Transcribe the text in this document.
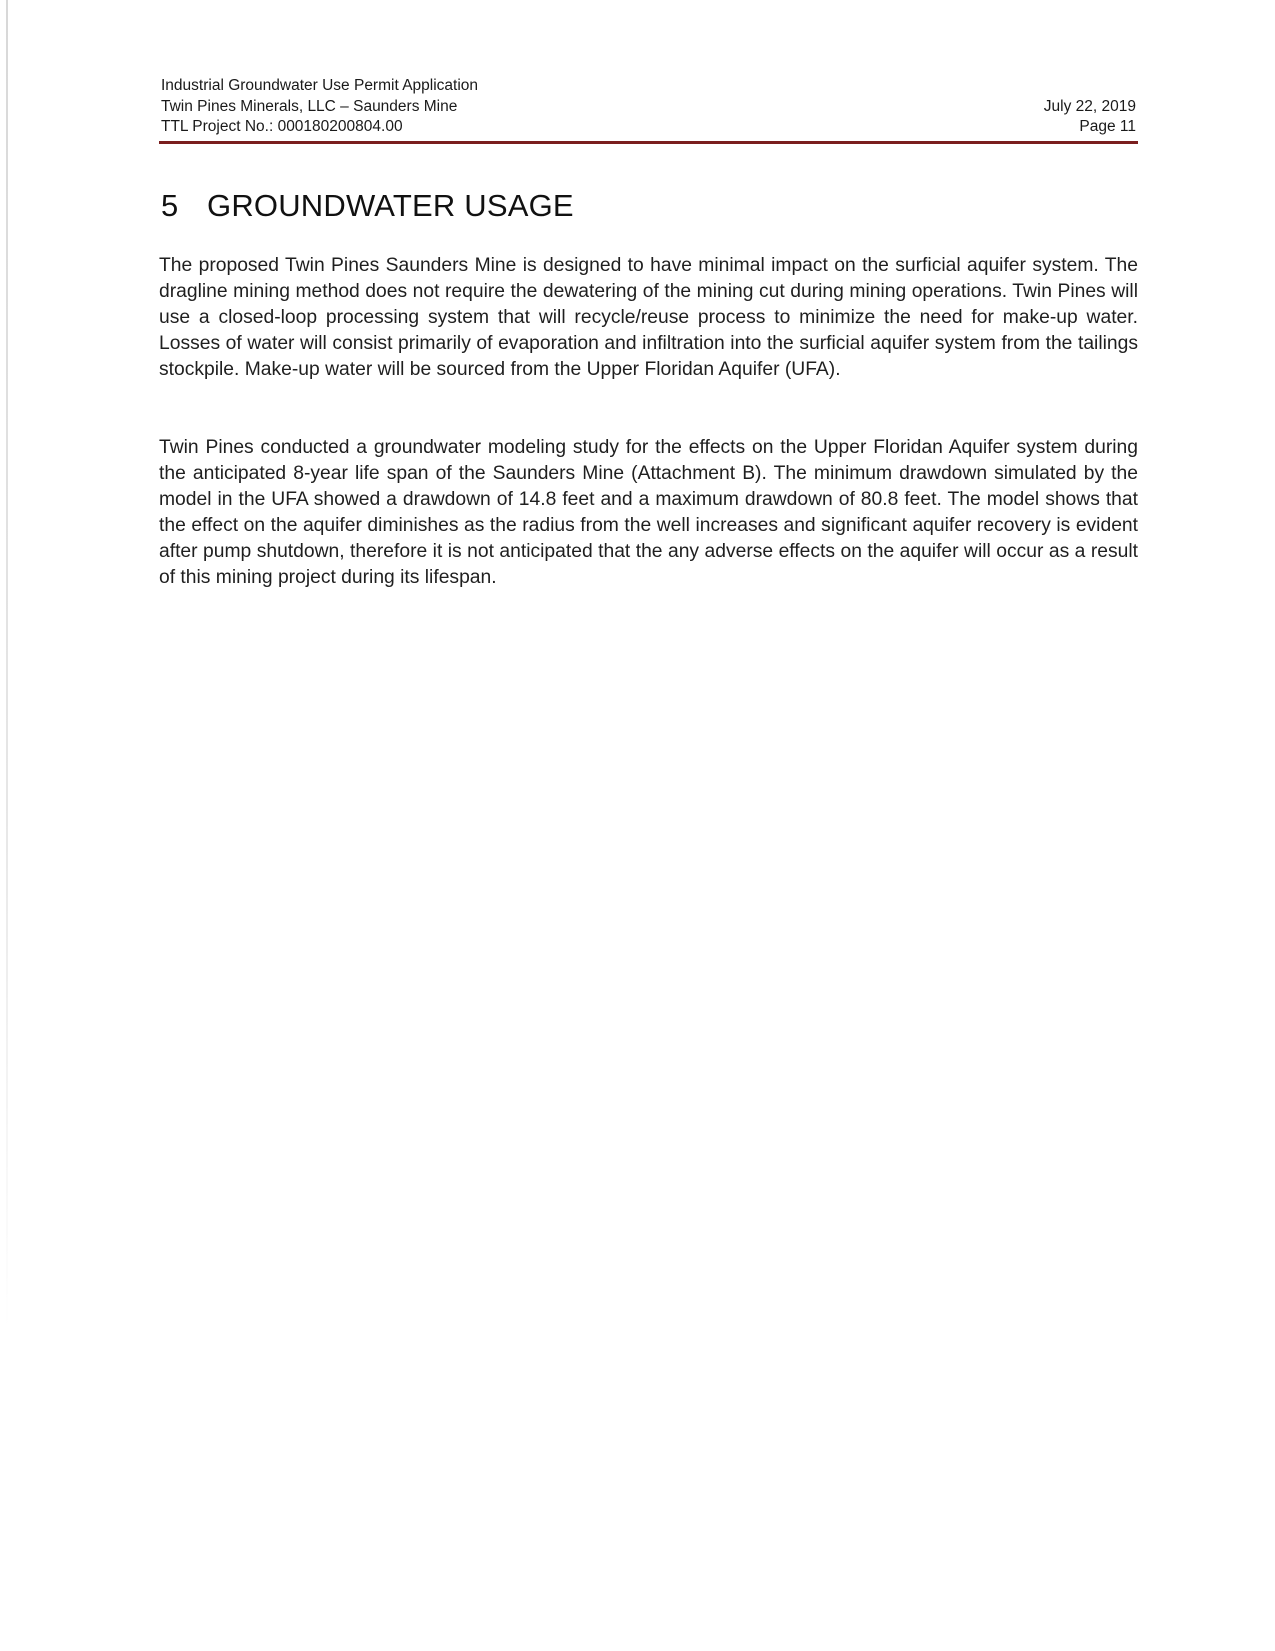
Industrial Groundwater Use Permit Application
Twin Pines Minerals, LLC – Saunders Mine
TTL Project No.: 000180200804.00
July 22, 2019
Page 11
5 GROUNDWATER USAGE

The proposed Twin Pines Saunders Mine is designed to have minimal impact on the surficial aquifer system. The dragline mining method does not require the dewatering of the mining cut during mining operations. Twin Pines will use a closed-loop processing system that will recycle/reuse process to minimize the need for make-up water. Losses of water will consist primarily of evaporation and infiltration into the surficial aquifer system from the tailings stockpile. Make-up water will be sourced from the Upper Floridan Aquifer (UFA).

Twin Pines conducted a groundwater modeling study for the effects on the Upper Floridan Aquifer system during the anticipated 8-year life span of the Saunders Mine (Attachment B). The minimum drawdown simulated by the model in the UFA showed a drawdown of 14.8 feet and a maximum drawdown of 80.8 feet. The model shows that the effect on the aquifer diminishes as the radius from the well increases and significant aquifer recovery is evident after pump shutdown, therefore it is not anticipated that the any adverse effects on the aquifer will occur as a result of this mining project during its lifespan.
